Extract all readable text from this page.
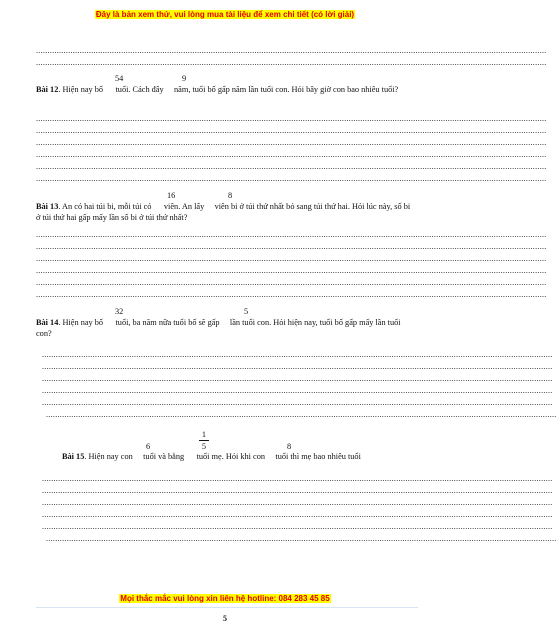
Đây là bản xem thử, vui lòng mua tài liệu để xem chi tiết (có lời giải)
..............................................................................................................................................................................................................................
..............................................................................................................................................................................................................................
54	9
Bài 12. Hiện nay bố      tuổi. Cách đây     năm, tuổi bố gấp năm lần tuổi con. Hỏi bây giờ con bao nhiêu tuổi?
..............................................................................................................................................................................................................................
..............................................................................................................................................................................................................................
..............................................................................................................................................................................................................................
..............................................................................................................................................................................................................................
..............................................................................................................................................................................................................................
..............................................................................................................................................................................................................................
16	8
Bài 13. An có hai túi bi, mỗi túi có      viên. An lấy     viên bi ở túi thứ nhất bỏ sang túi thứ hai. Hỏi lúc này, số bi ở túi thứ hai gấp mấy lần số bi ở túi thứ nhất?
..............................................................................................................................................................................................................................
..............................................................................................................................................................................................................................
..............................................................................................................................................................................................................................
..............................................................................................................................................................................................................................
..............................................................................................................................................................................................................................
..............................................................................................................................................................................................................................
32	5
Bài 14. Hiện nay bố      tuổi, ba năm nữa tuổi bố sẽ gấp     lần tuổi con. Hỏi hiện nay, tuổi bố gấp mấy lần tuổi con?
..............................................................................................................................................................................................................................
..............................................................................................................................................................................................................................
..............................................................................................................................................................................................................................
..............................................................................................................................................................................................................................
..............................................................................................................................................................................................................................
..............................................................................................................................................................................................................................
1
5
6	8
Bài 15. Hiện nay con     tuổi và bằng      tuổi mẹ. Hỏi khi con     tuổi thì mẹ bao nhiêu tuổi
..............................................................................................................................................................................................................................
..............................................................................................................................................................................................................................
..............................................................................................................................................................................................................................
..............................................................................................................................................................................................................................
..............................................................................................................................................................................................................................
..............................................................................................................................................................................................................................
Mọi thắc mắc vui lòng xin liên hệ hotline: 084 283 45 85
5
